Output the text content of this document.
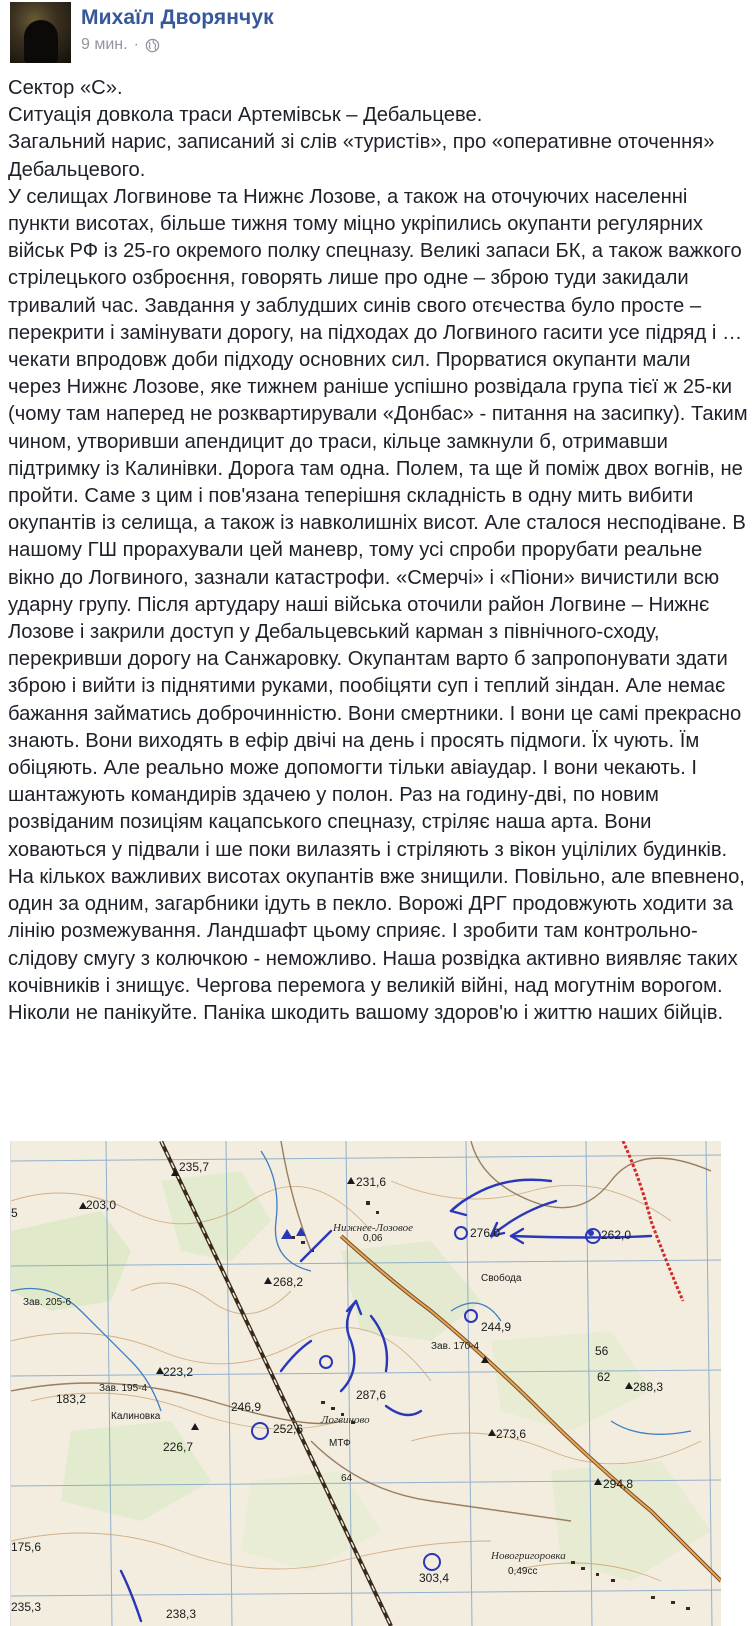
Михаїл Дворянчук
9 мин. ·

Сектор «С».

Ситуація довкола траси Артемівськ – Дебальцеве.

Загальний нарис, записаний зі слів «туристів», про «оперативне оточення» Дебальцевого.

У селищах Логвинове та Нижнє Лозове, а також на оточуючих населенні пункти висотах, більше тижня тому міцно укріпились окупанти регулярних військ РФ із 25-го окремого полку спецназу. Великі запаси БК, а також важкого стрілецького озброєння, говорять лише про одне – зброю туди закидали тривалий час. Завдання у заблудших синів свого отєчества було просте – перекрити і замінувати дорогу, на підходах до Логвиного гасити усе підряд і … чекати впродовж доби підходу основних сил. Прорватися окупанти мали через Нижнє Лозове, яке тижнем раніше успішно розвідала група тієї ж 25-ки (чому там наперед не розквартирували «Донбас» - питання на засипку). Таким чином, утворивши апендицит до траси, кільце замкнули б, отримавши підтримку із Калинівки. Дорога там одна. Полем, та ще й поміж двох вогнів, не пройти. Саме з цим і пов'язана теперішня складність в одну мить вибити окупантів із селища, а також із навколишніх висот. Але сталося несподіване. В нашому ГШ прорахували цей маневр, тому усі спроби прорубати реальне вікно до Логвиного, зазнали катастрофи. «Смерчі» і «Піони» вичистили всю ударну групу. Після артудару наші війська оточили район Логвине – Нижнє Лозове і закрили доступ у Дебальцевський карман з північного-сходу, перекривши дорогу на Санжаровку. Окупантам варто б запропонувати здати зброю і вийти із піднятими руками, пообіцяти суп і теплий зіндан. Але немає бажання займатись доброчинністю. Вони смертники. І вони це самі прекрасно знають. Вони виходять в ефір двічі на день і просять підмоги. Їх чують. Їм обіцяють. Але реально може допомогти тільки авіаудар. І вони чекають. І шантажують командирів здачею у полон. Раз на годину-дві, по новим розвіданим позиціям кацапського спецназу, стріляє наша арта. Вони ховаються у підвали і ше поки вилазять і стріляють з вікон уцілілих будинків. На кількох важливих висотах окупантів вже знищили. Повільно, але впевнено, один за одним, загарбники ідуть в пекло. Ворожі ДРГ продовжують ходити за лінію розмежування. Ландшафт цьому сприяє. І зробити там контрольно-слідову смугу з колючкою - неможливо. Наша розвідка активно виявляє таких кочівників і знищує. Чергова перемога у великій війні, над могутнім ворогом. Ніколи не панікуйте. Паніка шкодить вашому здоров'ю і життю наших бійців.

235,7
203,0
231,6
276,0	262,0
268,2
223,2
244,9
183,2
246,9
287,6
288,3
226,7
273,6
252,6
294,8
303,4
235,3	238,3
175,6
Нижнее-Лозовое
Логвиново
Новогригоровка
Калиновка
МТФ
62
56
5
Зав. 170-4
Зав. 205-6
Зав. 195-4
Свобода
0,06
0,49сс
64
